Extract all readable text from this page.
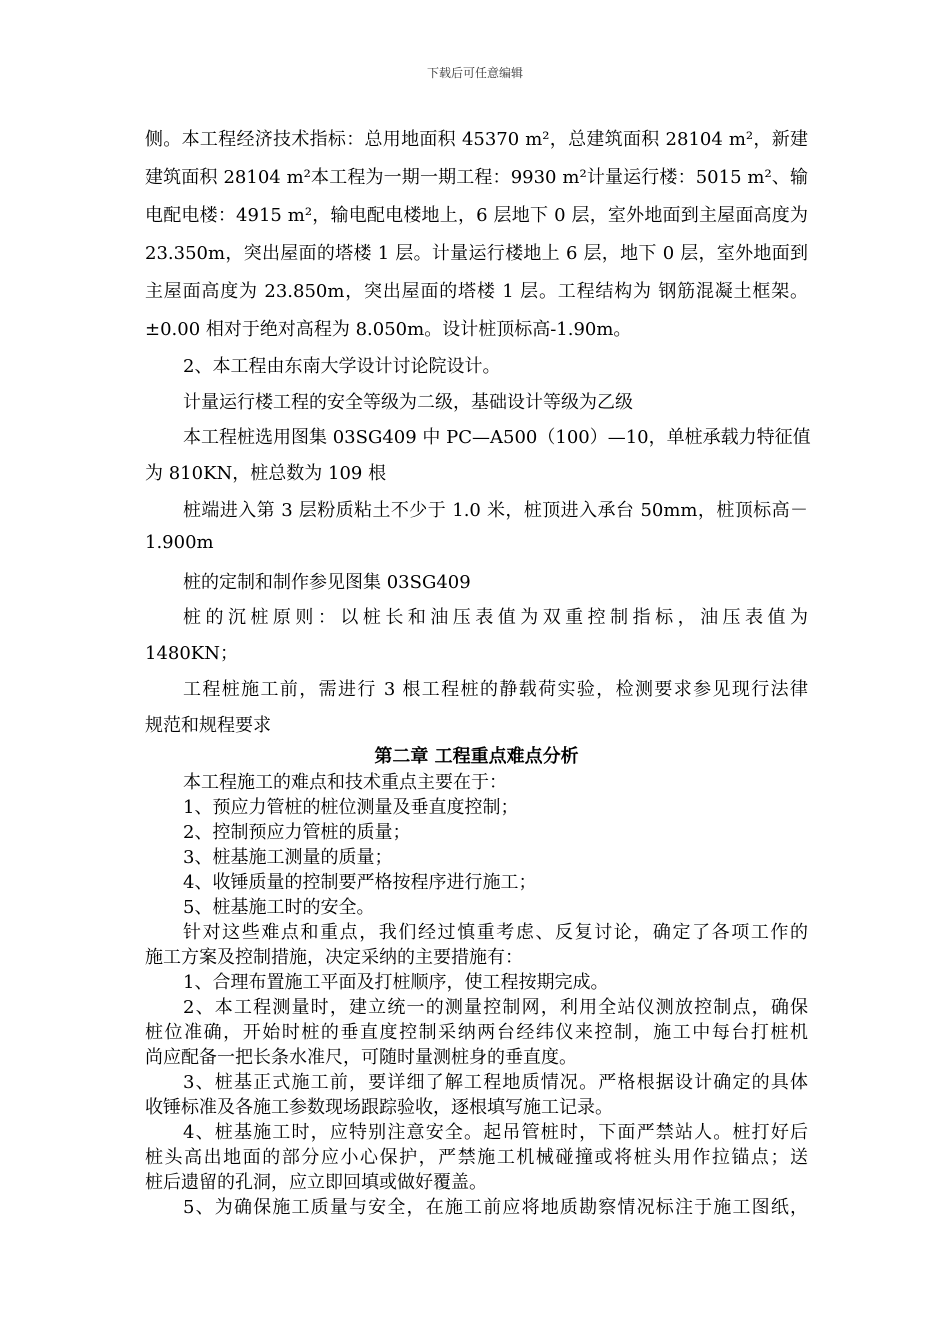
下载后可任意编辑
侧。本工程经济技术指标：总用地面积 45370 m²，总建筑面积 28104 m²，新建
建筑面积 28104 m²本工程为一期一期工程：9930 m²计量运行楼：5015 m²、输
电配电楼：4915 m²，输电配电楼地上，6 层地下 0 层，室外地面到主屋面高度为
23.350m，突出屋面的塔楼 1 层。计量运行楼地上 6 层，地下 0 层，室外地面到
主屋面高度为 23.850m，突出屋面的塔楼 1 层。工程结构为 钢筋混凝土框架。
±0.00 相对于绝对高程为 8.050m。设计桩顶标高-1.90m。
2、本工程由东南大学设计讨论院设计。
计量运行楼工程的安全等级为二级，基础设计等级为乙级
本工程桩选用图集 03SG409 中 PC—A500（100）—10，单桩承载力特征值
为 810KN，桩总数为 109 根
桩端进入第 3 层粉质粘土不少于 1.0 米，桩顶进入承台 50mm，桩顶标高－
1.900m
桩的定制和制作参见图集 03SG409
桩的沉桩原则：以桩长和油压表值为双重控制指标，油压表值为
1480KN；
工程桩施工前，需进行 3 根工程桩的静载荷实验，检测要求参见现行法律
规范和规程要求
第二章 工程重点难点分析
本工程施工的难点和技术重点主要在于：
1、预应力管桩的桩位测量及垂直度控制；
2、控制预应力管桩的质量；
3、桩基施工测量的质量；
4、收锤质量的控制要严格按程序进行施工；
5、桩基施工时的安全。
针对这些难点和重点，我们经过慎重考虑、反复讨论，确定了各项工作的
施工方案及控制措施，决定采纳的主要措施有：
1、合理布置施工平面及打桩顺序，使工程按期完成。
2、本工程测量时，建立统一的测量控制网，利用全站仪测放控制点，确保
桩位准确，开始时桩的垂直度控制采纳两台经纬仪来控制，施工中每台打桩机
尚应配备一把长条水准尺，可随时量测桩身的垂直度。
3、桩基正式施工前，要详细了解工程地质情况。严格根据设计确定的具体
收锤标准及各施工参数现场跟踪验收，逐根填写施工记录。
4、桩基施工时，应特别注意安全。起吊管桩时，下面严禁站人。桩打好后
桩头高出地面的部分应小心保护，严禁施工机械碰撞或将桩头用作拉锚点；送
桩后遗留的孔洞，应立即回填或做好覆盖。
5、为确保施工质量与安全，在施工前应将地质勘察情况标注于施工图纸，
